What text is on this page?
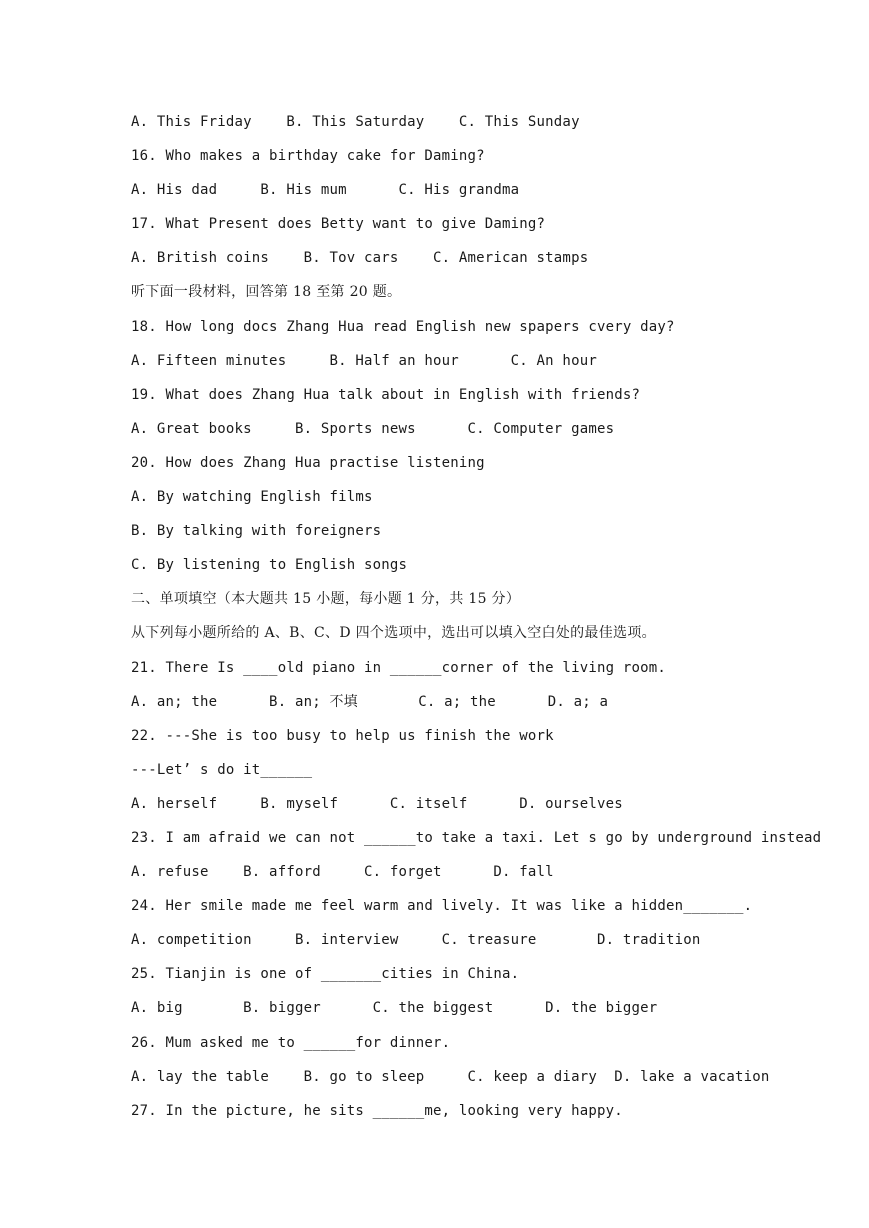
A. This Friday    B. This Saturday    C. This Sunday
16. Who makes a birthday cake for Daming?
A. His dad     B. His mum      C. His grandma
17. What Present does Betty want to give Daming?
A. British coins    B. Tov cars    C. American stamps
听下面一段材料，回答第 18 至第 20 题。
18. How long docs Zhang Hua read English new spapers cvery day?
A. Fifteen minutes     B. Half an hour      C. An hour
19. What does Zhang Hua talk about in English with friends?
A. Great books     B. Sports news      C. Computer games
20. How does Zhang Hua practise listening
A. By watching English films
B. By talking with foreigners
C. By listening to English songs
二、单项填空（本大题共 15 小题，每小题 1 分，共 15 分）
从下列每小题所给的 A、B、C、D 四个选项中，选出可以填入空白处的最佳选项。
21. There Is ____old piano in ______corner of the living room.
A. an; the      B. an; 不填       C. a; the      D. a; a
22. ---She is too busy to help us finish the work
---Let’ s do it______
A. herself     B. myself      C. itself      D. ourselves
23. I am afraid we can not ______to take a taxi. Let s go by underground instead
A. refuse    B. afford     C. forget      D. fall
24. Her smile made me feel warm and lively. It was like a hidden_______.
A. competition     B. interview     C. treasure       D. tradition
25. Tianjin is one of _______cities in China.
A. big       B. bigger      C. the biggest      D. the bigger
26. Mum asked me to ______for dinner.
A. lay the table    B. go to sleep     C. keep a diary  D. lake a vacation
27. In the picture, he sits ______me, looking very happy.
